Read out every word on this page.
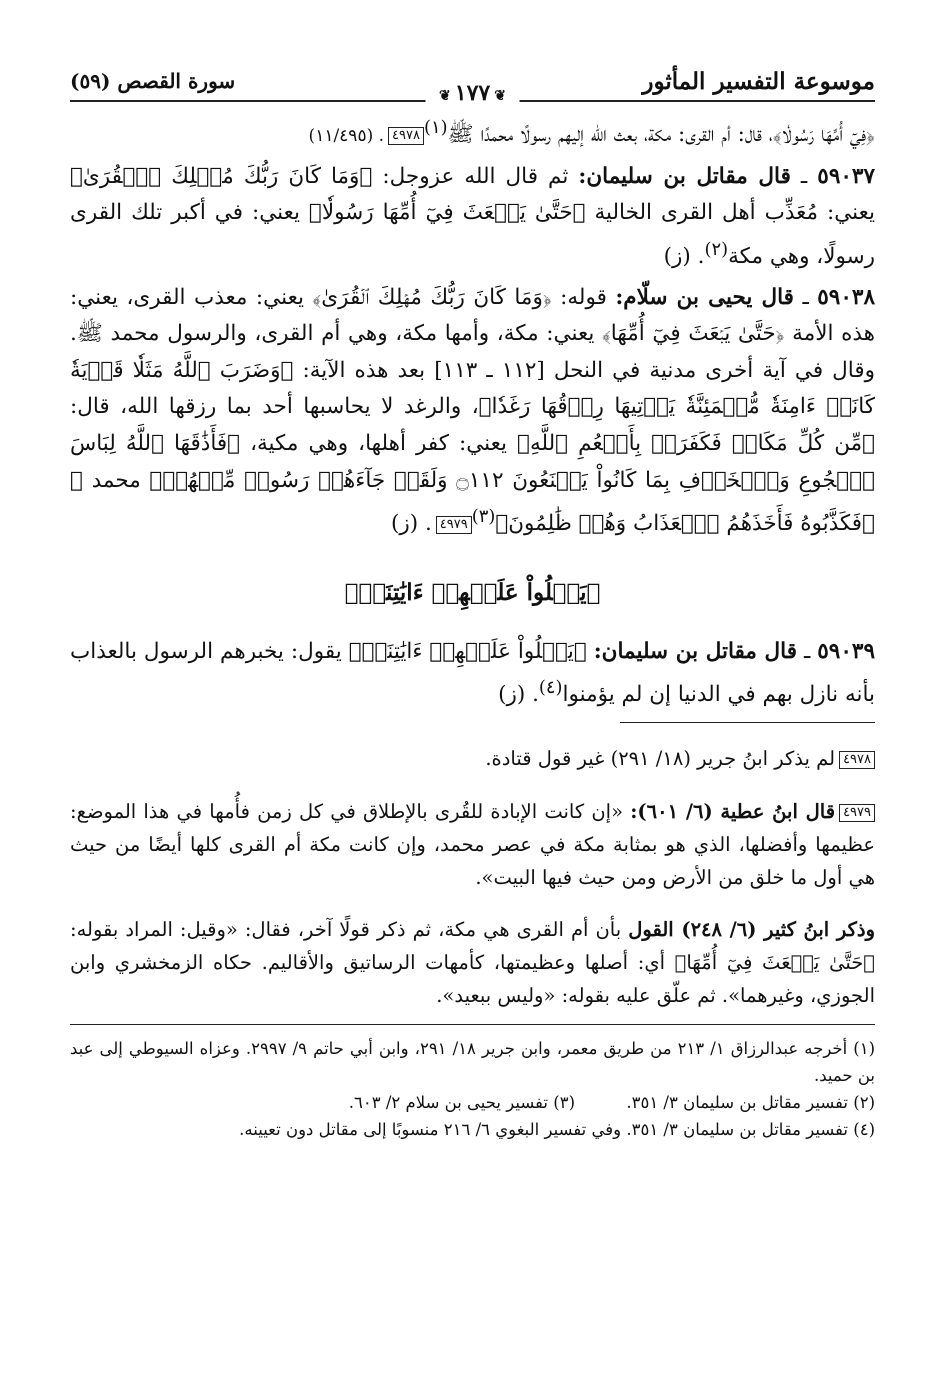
موسوعة التفسير المأثور
❦١٧٧❦
سورة القصص (٥٩)

﴿فِيٓ أُمِّهَا رَسُولٗا﴾، قال: أم القرى: مكة، بعث الله إليهم رسولًا محمدًا ﷺ$^{(١)}$٤٩٧٨. (١١/٤٩٥)

٥٩٠٣٧ ـ قال مقاتل بن سليمان: ثم قال الله عزوجل: ﴿وَمَا كَانَ رَبُّكَ مُهۡلِكَ ٱلۡقُرَىٰ﴾ يعني: مُعَذِّب أهل القرى الخالية ﴿حَتَّىٰ يَبۡعَثَ فِيٓ أُمِّهَا رَسُولٗا﴾ يعني: في أكبر تلك القرى رسولًا، وهي مكة$^{(٢)}$. (ز)

٥٩٠٣٨ ـ قال يحيى بن سلّام: قوله: ﴿وَمَا كَانَ رَبُّكَ مُهۡلِكَ ٱلۡقُرَىٰ﴾ يعني: معذب القرى، يعني: هذه الأمة ﴿حَتَّىٰ يَبۡعَثَ فِيٓ أُمِّهَا﴾ يعني: مكة، وأمها مكة، وهي أم القرى، والرسول محمد ﷺ. وقال في آية أخرى مدنية في النحل [١١٢ ـ ١١٣] بعد هذه الآية: ﴿وَضَرَبَ ٱللَّهُ مَثَلٗا قَرۡيَةٗ كَانَتۡ ءَامِنَةٗ مُّطۡمَئِنَّةٗ يَأۡتِيهَا رِزۡقُهَا رَغَدٗا﴾، والرغد لا يحاسبها أحد بما رزقها الله، قال: ﴿مِّن كُلِّ مَكَانٖ فَكَفَرَتۡ بِأَنۡعُمِ ٱللَّهِ﴾ يعني: كفر أهلها، وهي مكية، ﴿فَأَذَٰقَهَا ٱللَّهُ لِبَاسَ ٱلۡجُوعِ وَٱلۡخَوۡفِ بِمَا كَانُواْ يَصۡنَعُونَ ۝١١٢ وَلَقَدۡ جَآءَهُمۡ رَسُولٞ مِّنۡهُمۡ﴾ محمد ﷺ ﴿فَكَذَّبُوهُ فَأَخَذَهُمُ ٱلۡعَذَابُ وَهُمۡ ظَٰلِمُونَ﴾$^{(٣)}$٤٩٧٩. (ز)

﴿يَتۡلُواْ عَلَيۡهِمۡ ءَايَٰتِنَاۚ﴾

٥٩٠٣٩ ـ قال مقاتل بن سليمان: ﴿يَتۡلُواْ عَلَيۡهِمۡ ءَايَٰتِنَاۚ﴾ يقول: يخبرهم الرسول بالعذاب بأنه نازل بهم في الدنيا إن لم يؤمنوا$^{(٤)}$. (ز)

٤٩٧٨لم يذكر ابنُ جرير (١٨/ ٢٩١) غير قول قتادة.

٤٩٧٩قال ابنُ عطية (٦/ ٦٠١): «إن كانت الإبادة للقُرى بالإطلاق في كل زمن فأُمها في هذا الموضع: عظيمها وأفضلها، الذي هو بمثابة مكة في عصر محمد، وإن كانت مكة أم القرى كلها أيضًا من حيث هي أول ما خلق من الأرض ومن حيث فيها البيت».

وذكر ابنُ كثير (٦/ ٢٤٨) القول بأن أم القرى هي مكة، ثم ذكر قولًا آخر، فقال: «وقيل: المراد بقوله: ﴿حَتَّىٰ يَبۡعَثَ فِيٓ أُمِّهَا﴾ أي: أصلها وعظيمتها، كأمهات الرساتيق والأقاليم. حكاه الزمخشري وابن الجوزي، وغيرهما». ثم علّق عليه بقوله: «وليس ببعيد».

(١) أخرجه عبدالرزاق ١/ ٢١٣ من طريق معمر، وابن جرير ١٨/ ٢٩١، وابن أبي حاتم ٩/ ٢٩٩٧. وعزاه السيوطي إلى عبد بن حميد.
(٢) تفسير مقاتل بن سليمان ٣/ ٣٥١.
(٣) تفسير يحيى بن سلام ٢/ ٦٠٣.
(٤) تفسير مقاتل بن سليمان ٣/ ٣٥١. وفي تفسير البغوي ٦/ ٢١٦ منسوبًا إلى مقاتل دون تعيينه.
